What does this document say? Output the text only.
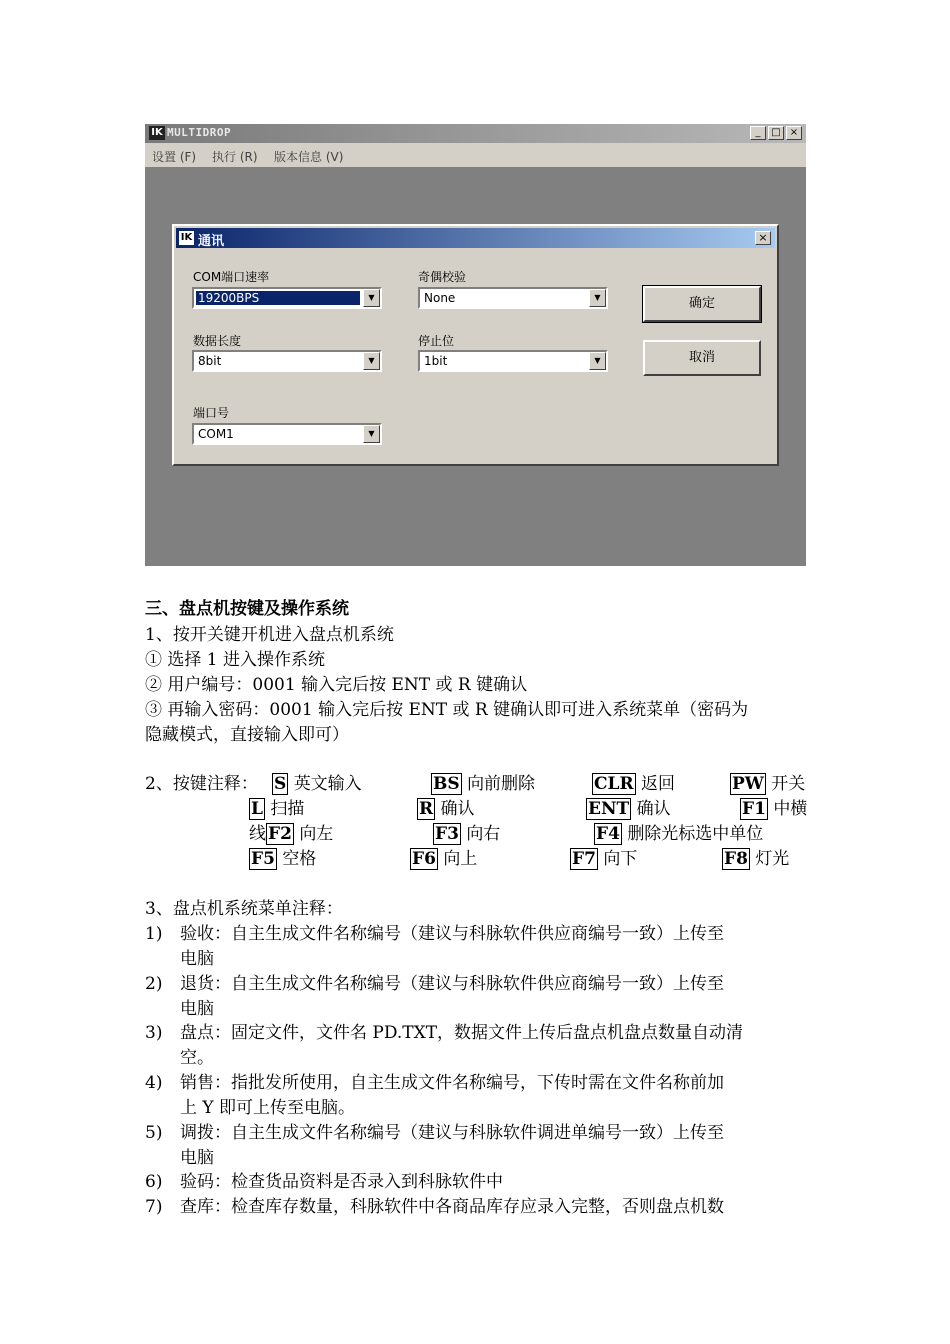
IK MULTIDROP	_	□ ×
设置 (F) 执行 (R) 版本信息 (V)
IK 通讯	×
COM端口速率
19200BPS	▼
奇偶校验
None	▼
数据长度
8bit	▼
停止位
1bit	▼
端口号
COM1	▼
确定
取消
三、盘点机按键及操作系统
1、按开关键开机进入盘点机系统
① 选择 1 进入操作系统
② 用户编号：0001 输入完后按 ENT 或 R 键确认
③ 再输入密码：0001 输入完后按 ENT 或 R 键确认即可进入系统菜单（密码为
隐藏模式，直接输入即可）
2、按键注释： S 英文输入	BS 向前删除	CLR 返回	PW 开关
L 扫描	R 确认	ENT 确认	F1 中横
线 F2 向左	F3 向右	F4 删除光标选中单位
F5 空格	F6 向上	F7 向下	F8 灯光
3、盘点机系统菜单注释：
1) 验收：自主生成文件名称编号（建议与科脉软件供应商编号一致）上传至
电脑
2) 退货：自主生成文件名称编号（建议与科脉软件供应商编号一致）上传至
电脑
3) 盘点：固定文件，文件名 PD.TXT，数据文件上传后盘点机盘点数量自动清
空。
4) 销售：指批发所使用，自主生成文件名称编号，下传时需在文件名称前加
上 Y 即可上传至电脑。
5) 调拨：自主生成文件名称编号（建议与科脉软件调进单编号一致）上传至
电脑
6) 验码：检查货品资料是否录入到科脉软件中
7) 查库：检查库存数量，科脉软件中各商品库存应录入完整，否则盘点机数
